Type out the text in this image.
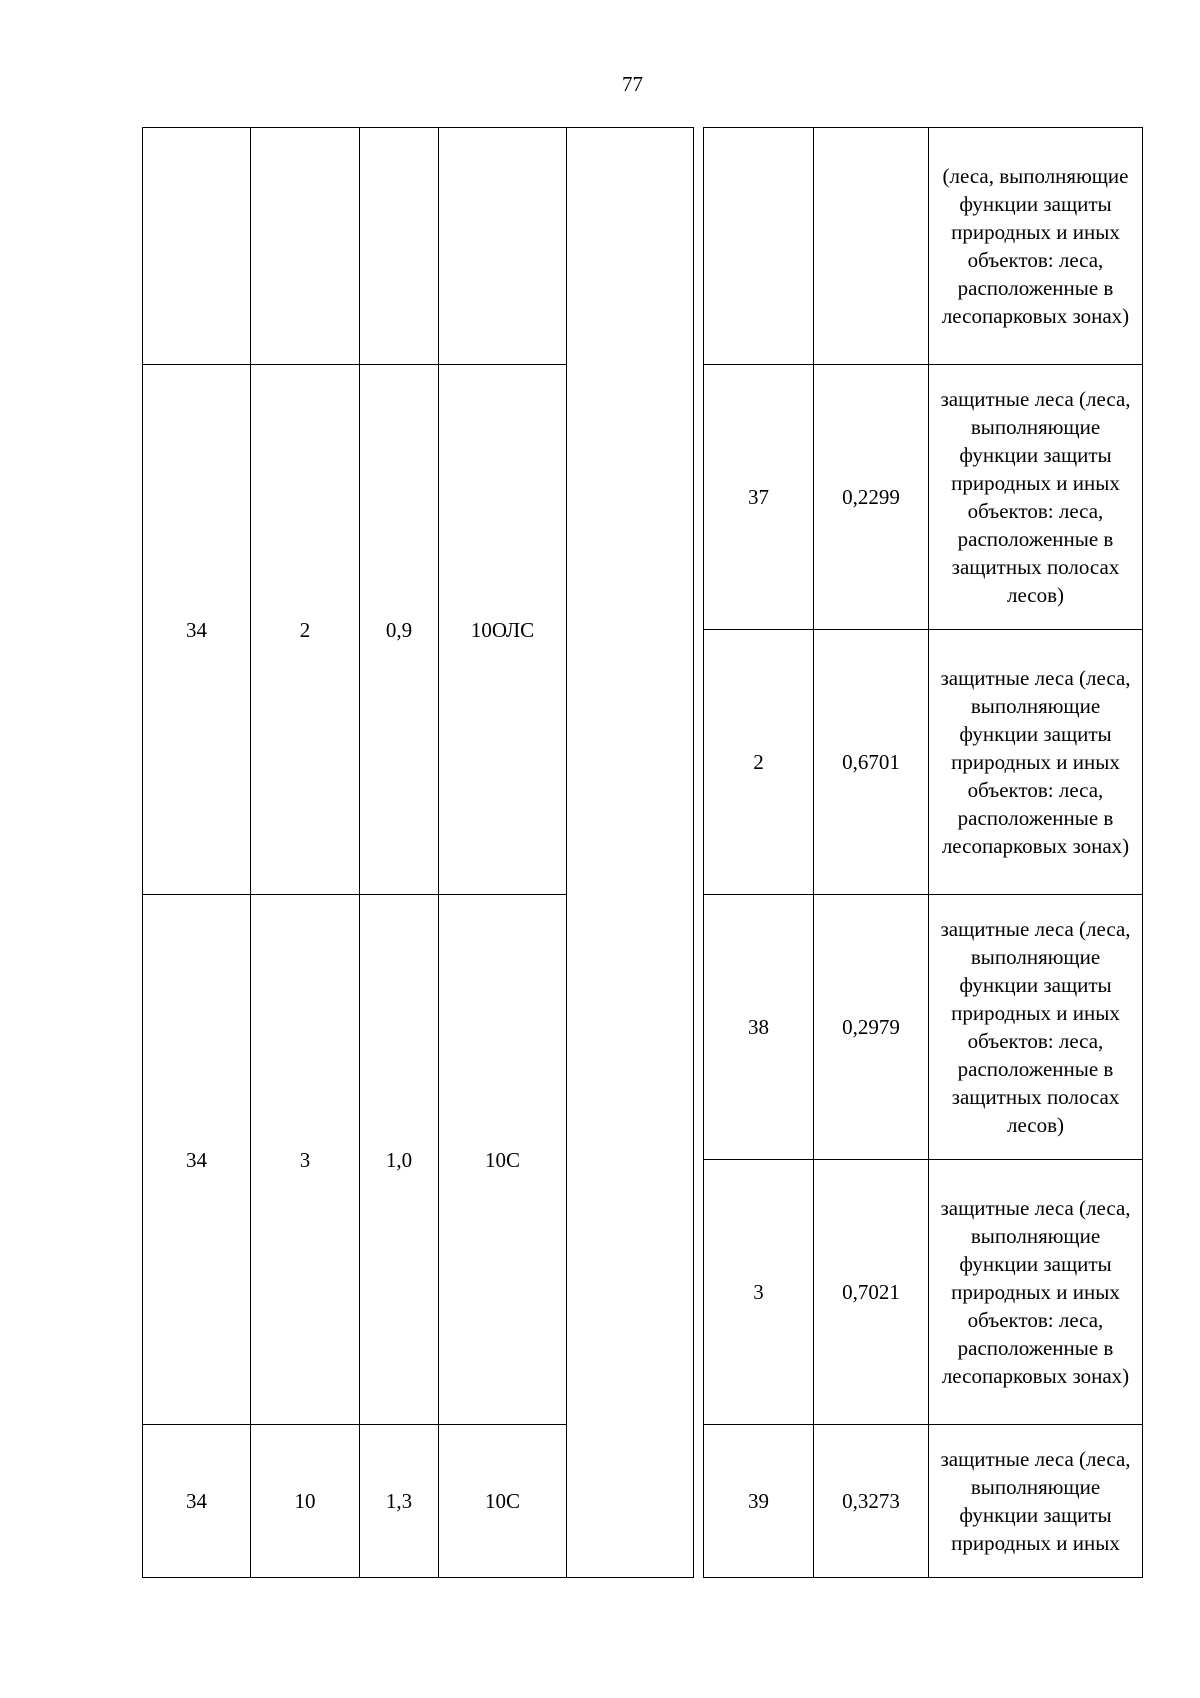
77
								(леса, выполняющие функции защиты природных и иных объектов: леса, расположенные в лесопарковых зонах)
34	2	0,9	10ОЛС			37	0,2299	защитные леса (леса, выполняющие функции защиты природных и иных объектов: леса, расположенные в защитных полосах лесов)
						2	0,6701	защитные леса (леса, выполняющие функции защиты природных и иных объектов: леса, расположенные в лесопарковых зонах)
34	3	1,0	10С			38	0,2979	защитные леса (леса, выполняющие функции защиты природных и иных объектов: леса, расположенные в защитных полосах лесов)
						3	0,7021	защитные леса (леса, выполняющие функции защиты природных и иных объектов: леса, расположенные в лесопарковых зонах)
34	10	1,3	10С			39	0,3273	защитные леса (леса, выполняющие функции защиты природных и иных
